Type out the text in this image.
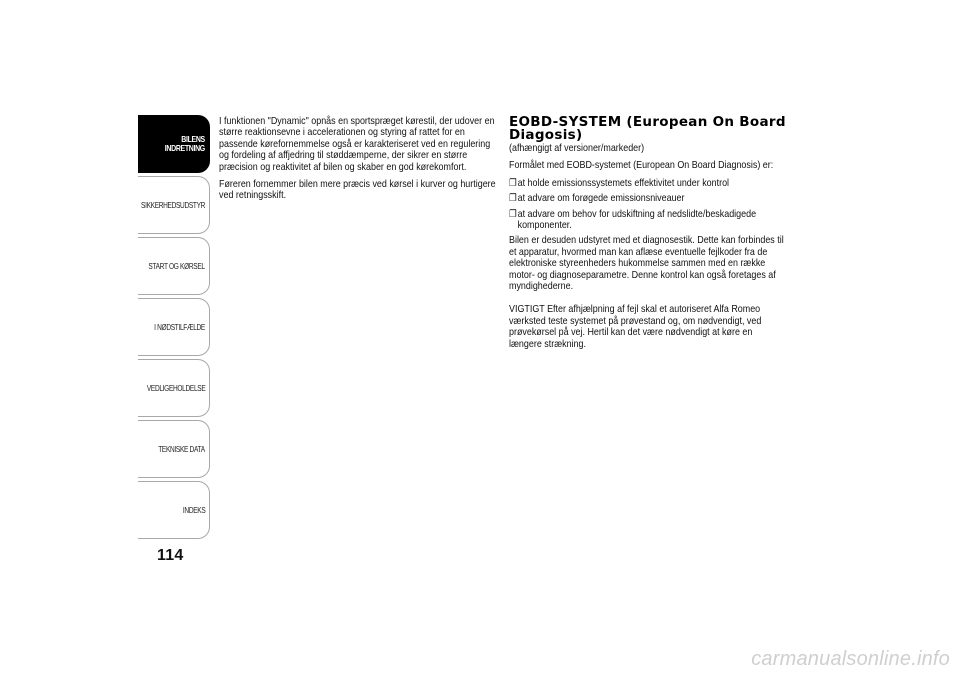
BILENS
INDRETNING
SIKKERHEDSUDSTYR
START OG KØRSEL
I NØDSTILFÆLDE
VEDLIGEHOLDELSE
TEKNISKE DATA
INDEKS
114

I funktionen "Dynamic" opnås en sportspræget kørestil, der udover en større reaktionsevne i accelerationen og styring af rattet for en passende kørefornemmelse også er karakteriseret ved en regulering og fordeling af affjedring til støddæmperne, der sikrer en større præcision og reaktivitet af bilen og skaber en god kørekomfort.

Føreren fornemmer bilen mere præcis ved kørsel i kurver og hurtigere ved retningsskift.

EOBD-SYSTEM (European On Board Diagosis)
(afhængigt af versioner/markeder)

Formålet med EOBD-systemet (European On Board Diagnosis) er:

❐ at holde emissionssystemets effektivitet under kontrol
❐ at advare om forøgede emissionsniveauer
❐ at advare om behov for udskiftning af nedslidte/beskadigede komponenter.

Bilen er desuden udstyret med et diagnosestik. Dette kan forbindes til et apparatur, hvormed man kan aflæse eventuelle fejlkoder fra de elektroniske styreenheders hukommelse sammen med en række motor- og diagnoseparametre. Denne kontrol kan også foretages af myndighederne.

VIGTIGT Efter afhjælpning af fejl skal et autoriseret Alfa Romeo værksted teste systemet på prøvestand og, om nødvendigt, ved prøvekørsel på vej. Hertil kan det være nødvendigt at køre en længere strækning.

carmanualsonline.info
